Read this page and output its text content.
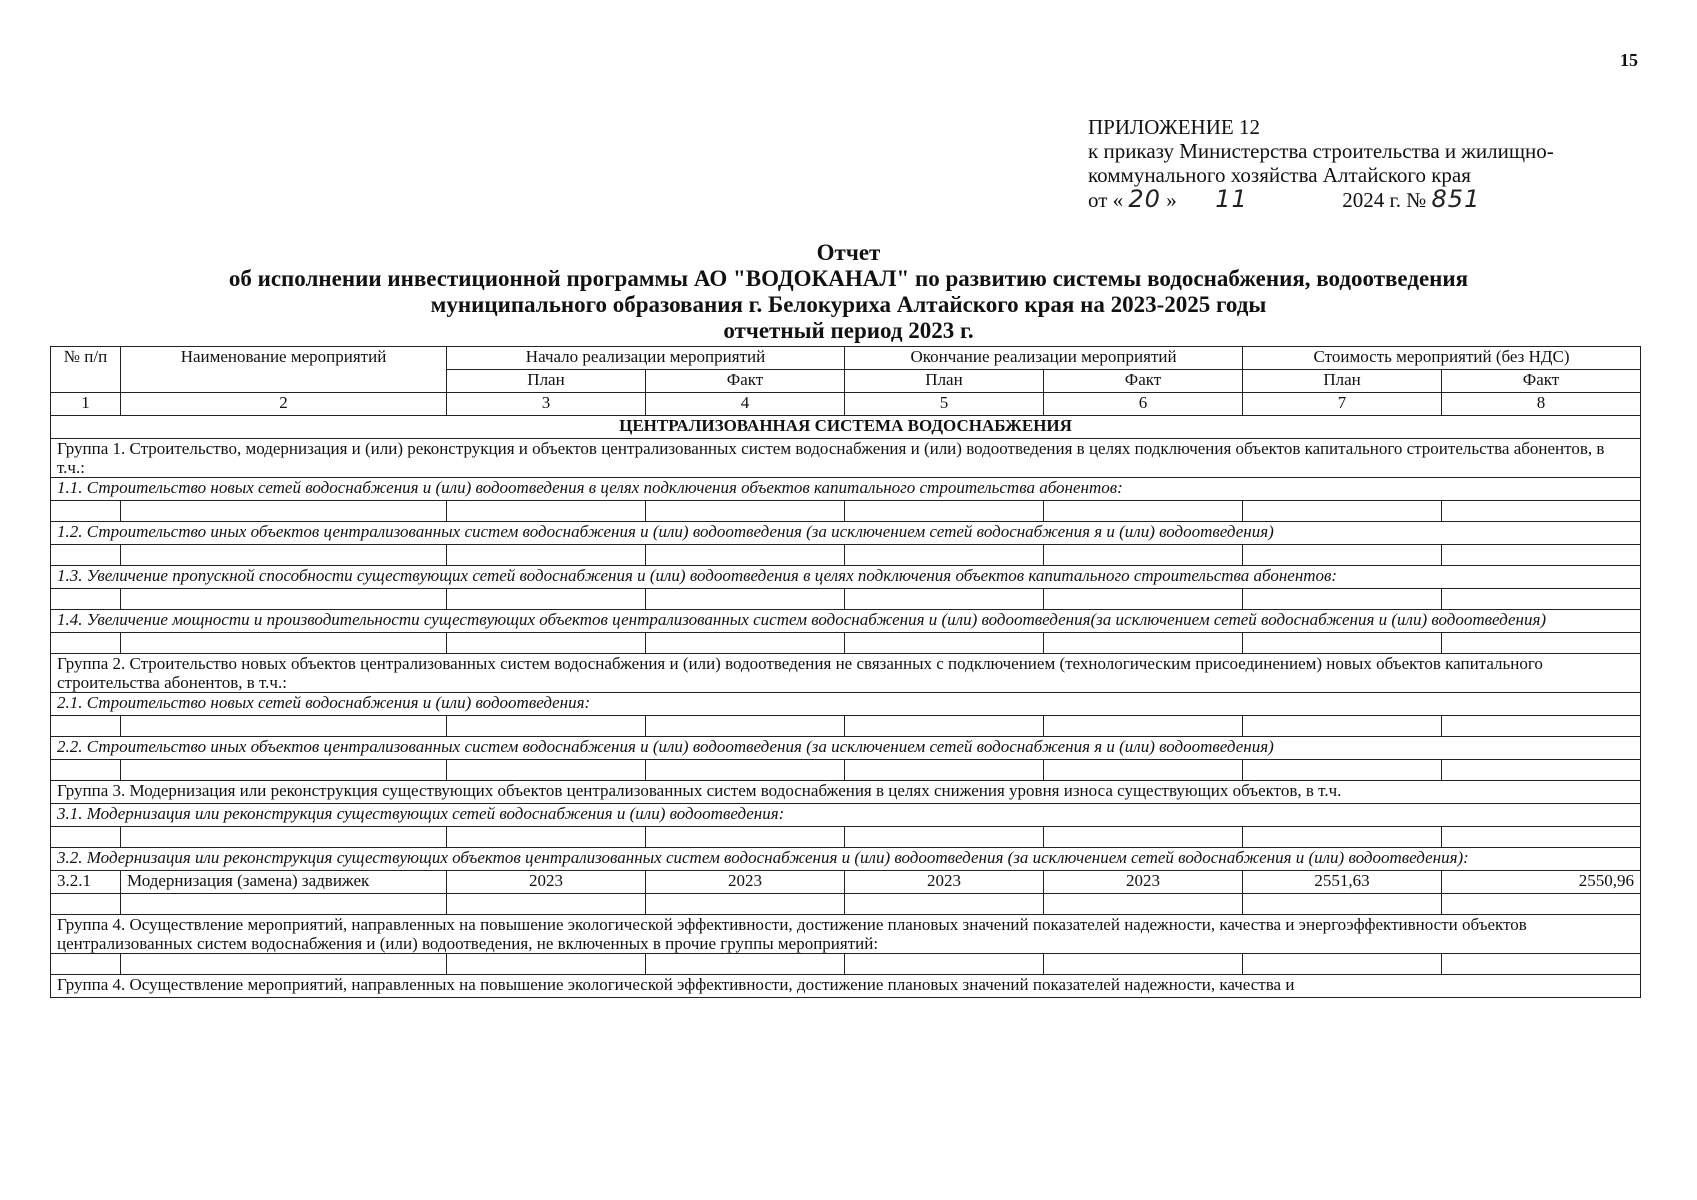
15
ПРИЛОЖЕНИЕ 12
к приказу Министерства строительства и жилищно-
коммунального хозяйства Алтайского края
от « 20 » 11	2024 г. № 851
Отчет
об исполнении инвестиционной программы АО "ВОДОКАНАЛ" по развитию системы водоснабжения, водоотведения
муниципального образования г. Белокуриха Алтайского края на 2023-2025 годы
отчетный период 2023 г.
№ п/п	Наименование мероприятий	Начало реализации мероприятий		Окончание реализации мероприятий		Стоимость мероприятий (без НДС)	
		План	Факт	План	Факт	План	Факт
1	2	3	4	5	6	7	8
ЦЕНТРАЛИЗОВАННАЯ СИСТЕМА ВОДОСНАБЖЕНИЯ							
Группа 1. Строительство, модернизация и (или) реконструкция и объектов централизованных систем водоснабжения и (или) водоотведения в целях подключения объектов капитального строительства абонентов, в т.ч.:							
1.1. Строительство новых сетей водоснабжения и (или) водоотведения в целях подключения объектов капитального строительства абонентов:							

1.2. Строительство иных объектов централизованных систем водоснабжения и (или) водоотведения (за исключением сетей водоснабжения я и (или) водоотведения)							

1.3. Увеличение пропускной способности существующих сетей водоснабжения и (или) водоотведения в целях подключения объектов капитального строительства абонентов:							

1.4. Увеличение мощности и производительности существующих объектов централизованных систем водоснабжения и (или) водоотведения(за исключением сетей водоснабжения и (или) водоотведения)							

Группа 2. Строительство новых объектов централизованных систем водоснабжения и (или) водоотведения не связанных с подключением (технологическим присоединением) новых объектов капитального строительства абонентов, в т.ч.:							
2.1. Строительство новых сетей водоснабжения и (или) водоотведения:							

2.2. Строительство иных объектов централизованных систем водоснабжения и (или) водоотведения (за исключением сетей водоснабжения я и (или) водоотведения)							

Группа 3. Модернизация или реконструкция существующих объектов централизованных систем водоснабжения в целях снижения уровня износа существующих объектов, в т.ч.							
3.1. Модернизация или реконструкция существующих сетей водоснабжения и (или) водоотведения:							

3.2. Модернизация или реконструкция существующих объектов централизованных систем водоснабжения и (или) водоотведения (за исключением сетей водоснабжения и (или) водоотведения):							
3.2.1	Модернизация (замена) задвижек	2023	2023	2023	2023	2551,63	2550,96

Группа 4. Осуществление мероприятий, направленных на повышение экологической эффективности, достижение плановых значений показателей надежности, качества и энергоэффективности объектов централизованных систем водоснабжения и (или) водоотведения, не включенных в прочие группы мероприятий:							

Группа 4. Осуществление мероприятий, направленных на повышение экологической эффективности, достижение плановых значений показателей надежности, качества и							
